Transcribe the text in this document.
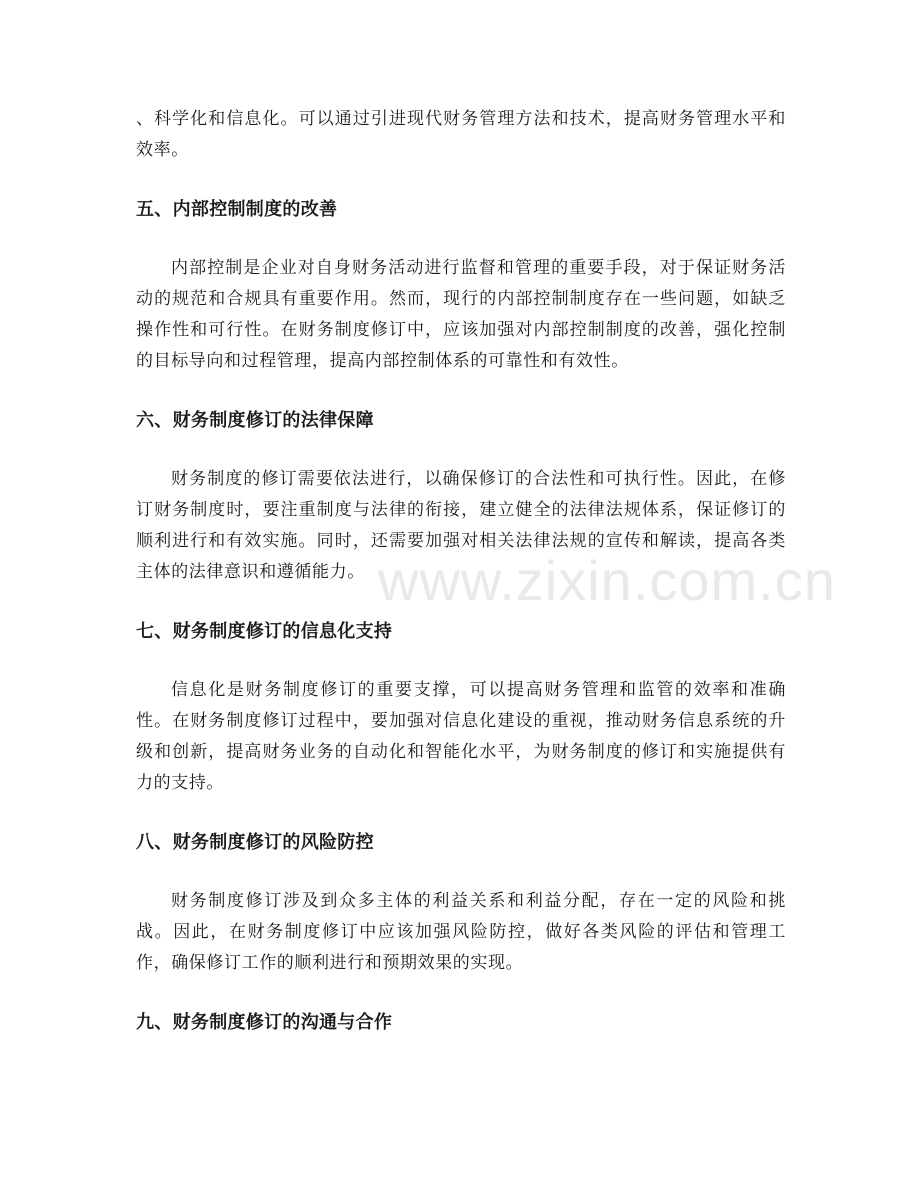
www.zixin.com.cn

、科学化和信息化。可以通过引进现代财务管理方法和技术，提高财务管理水平和效率。

五、内部控制制度的改善

内部控制是企业对自身财务活动进行监督和管理的重要手段，对于保证财务活动的规范和合规具有重要作用。然而，现行的内部控制制度存在一些问题，如缺乏操作性和可行性。在财务制度修订中，应该加强对内部控制制度的改善，强化控制的目标导向和过程管理，提高内部控制体系的可靠性和有效性。

六、财务制度修订的法律保障

财务制度的修订需要依法进行，以确保修订的合法性和可执行性。因此，在修订财务制度时，要注重制度与法律的衔接，建立健全的法律法规体系，保证修订的顺利进行和有效实施。同时，还需要加强对相关法律法规的宣传和解读，提高各类主体的法律意识和遵循能力。

七、财务制度修订的信息化支持

信息化是财务制度修订的重要支撑，可以提高财务管理和监管的效率和准确性。在财务制度修订过程中，要加强对信息化建设的重视，推动财务信息系统的升级和创新，提高财务业务的自动化和智能化水平，为财务制度的修订和实施提供有力的支持。

八、财务制度修订的风险防控

财务制度修订涉及到众多主体的利益关系和利益分配，存在一定的风险和挑战。因此，在财务制度修订中应该加强风险防控，做好各类风险的评估和管理工作，确保修订工作的顺利进行和预期效果的实现。

九、财务制度修订的沟通与合作
